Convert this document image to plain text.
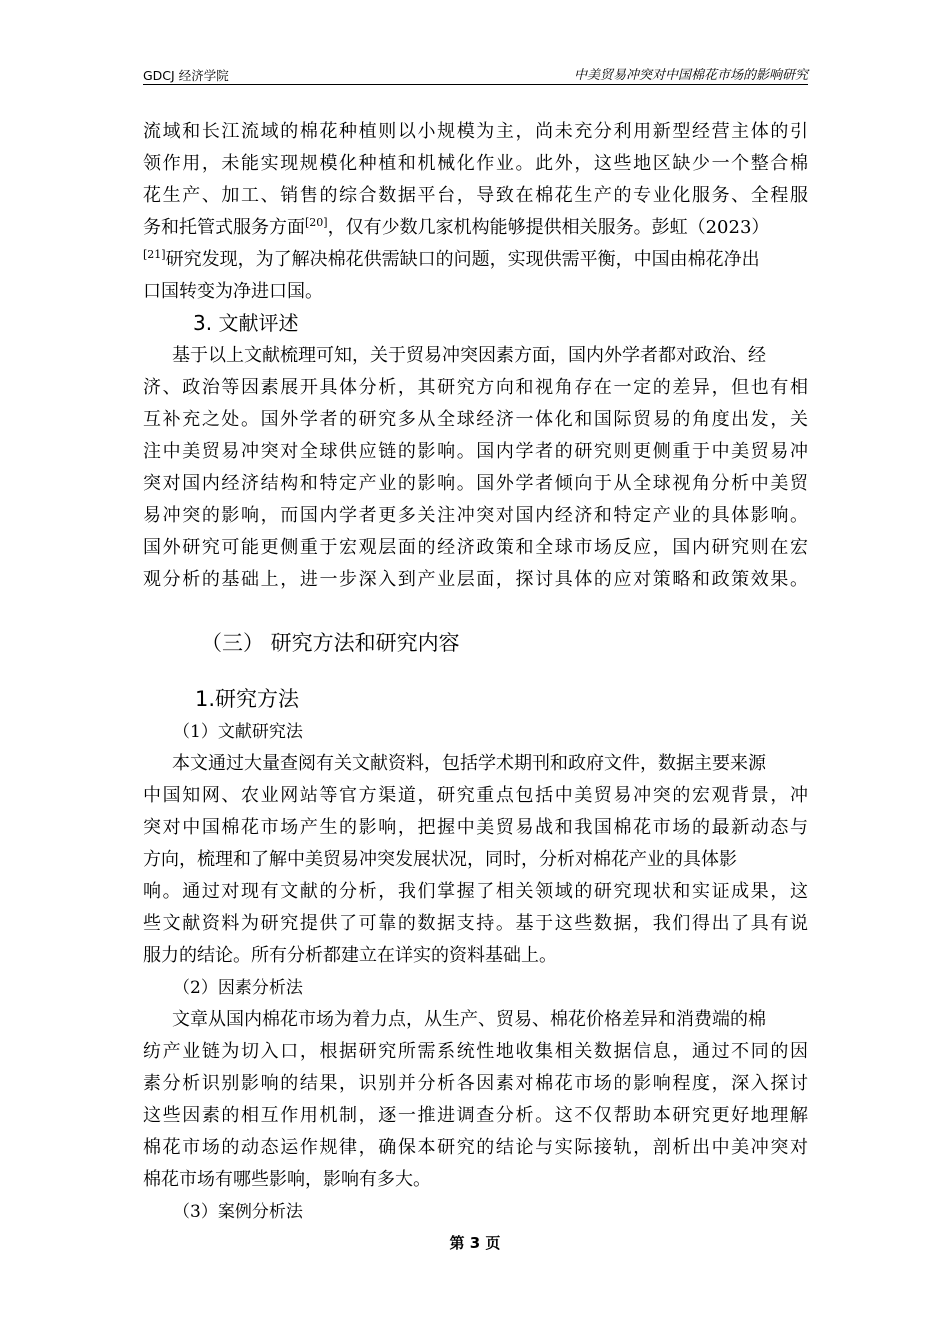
GDCJ 经济学院	中美贸易冲突对中国棉花市场的影响研究
流域和长江流域的棉花种植则以小规模为主，尚未充分利用新型经营主体的引
领作用，未能实现规模化种植和机械化作业。此外，这些地区缺少一个整合棉
花生产、加工、销售的综合数据平台，导致在棉花生产的专业化服务、全程服
务和托管式服务方面[20]，仅有少数几家机构能够提供相关服务。彭虹（2023）
[21]研究发现，为了解决棉花供需缺口的问题，实现供需平衡，中国由棉花净出
口国转变为净进口国。
3. 文献评述
基于以上文献梳理可知，关于贸易冲突因素方面，国内外学者都对政治、经
济、政治等因素展开具体分析，其研究方向和视角存在一定的差异，但也有相
互补充之处。国外学者的研究多从全球经济一体化和国际贸易的角度出发，关
注中美贸易冲突对全球供应链的影响。国内学者的研究则更侧重于中美贸易冲
突对国内经济结构和特定产业的影响。国外学者倾向于从全球视角分析中美贸
易冲突的影响，而国内学者更多关注冲突对国内经济和特定产业的具体影响。
国外研究可能更侧重于宏观层面的经济政策和全球市场反应，国内研究则在宏
观分析的基础上，进一步深入到产业层面，探讨具体的应对策略和政策效果。
（三） 研究方法和研究内容
1.研究方法
（1）文献研究法
本文通过大量查阅有关文献资料，包括学术期刊和政府文件，数据主要来源
中国知网、农业网站等官方渠道，研究重点包括中美贸易冲突的宏观背景，冲
突对中国棉花市场产生的影响，把握中美贸易战和我国棉花市场的最新动态与
方向，梳理和了解中美贸易冲突发展状况，同时，分析对棉花产业的具体影
响。通过对现有文献的分析，我们掌握了相关领域的研究现状和实证成果，这
些文献资料为研究提供了可靠的数据支持。基于这些数据，我们得出了具有说
服力的结论。所有分析都建立在详实的资料基础上。
（2）因素分析法
文章从国内棉花市场为着力点，从生产、贸易、棉花价格差异和消费端的棉
纺产业链为切入口，根据研究所需系统性地收集相关数据信息，通过不同的因
素分析识别影响的结果，识别并分析各因素对棉花市场的影响程度，深入探讨
这些因素的相互作用机制，逐一推进调查分析。这不仅帮助本研究更好地理解
棉花市场的动态运作规律，确保本研究的结论与实际接轨，剖析出中美冲突对
棉花市场有哪些影响，影响有多大。
（3）案例分析法
第 3 页
